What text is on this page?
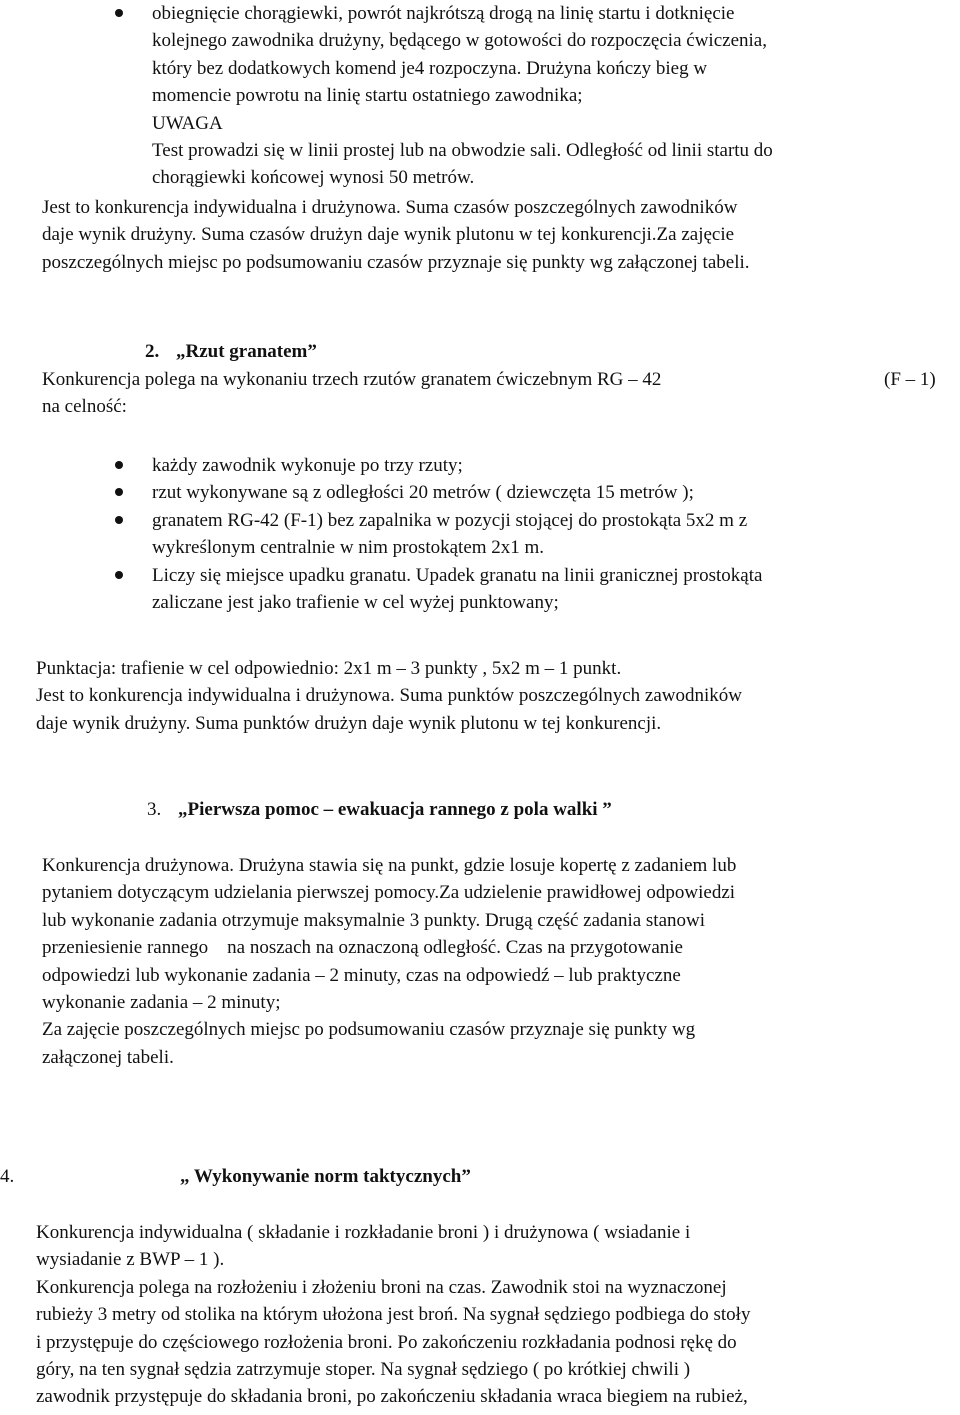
obiegnięcie chorągiewki, powrót najkrótszą drogą na linię startu i dotknięcie
kolejnego zawodnika drużyny, będącego w gotowości do rozpoczęcia ćwiczenia,
który bez dodatkowych komend je4 rozpoczyna. Drużyna kończy bieg w
momencie powrotu na linię startu ostatniego zawodnika;
UWAGA
Test prowadzi się w linii prostej lub na obwodzie sali. Odległość od linii startu do
chorągiewki końcowej wynosi 50 metrów.
Jest to konkurencja indywidualna i drużynowa. Suma czasów poszczególnych zawodników
daje wynik drużyny. Suma czasów drużyn daje wynik plutonu w tej konkurencji.Za zajęcie
poszczególnych miejsc po podsumowaniu czasów przyznaje się punkty wg załączonej tabeli.
2. „Rzut granatem”
Konkurencja polega na wykonaniu trzech rzutów granatem ćwiczebnym RG – 42
na celność:
(F – 1)
każdy zawodnik wykonuje po trzy rzuty;
rzut wykonywane są z odległości 20 metrów ( dziewczęta 15 metrów );
granatem RG-42 (F-1) bez zapalnika w pozycji stojącej do prostokąta 5x2 m z
wykreślonym centralnie w nim prostokątem 2x1 m.
Liczy się miejsce upadku granatu. Upadek granatu na linii granicznej prostokąta
zaliczane jest jako trafienie w cel wyżej punktowany;
Punktacja: trafienie w cel odpowiednio: 2x1 m – 3 punkty , 5x2 m – 1 punkt.
Jest to konkurencja indywidualna i drużynowa. Suma punktów poszczególnych zawodników
daje wynik drużyny. Suma punktów drużyn daje wynik plutonu w tej konkurencji.
3. „Pierwsza pomoc – ewakuacja rannego z pola walki ”
Konkurencja drużynowa. Drużyna stawia się na punkt, gdzie losuje kopertę z zadaniem lub
pytaniem dotyczącym udzielania pierwszej pomocy.Za udzielenie prawidłowej odpowiedzi
lub wykonanie zadania otrzymuje maksymalnie 3 punkty. Drugą część zadania stanowi
przeniesienie rannego    na noszach na oznaczoną odległość. Czas na przygotowanie
odpowiedzi lub wykonanie zadania – 2 minuty, czas na odpowiedź – lub praktyczne
wykonanie zadania – 2 minuty;
Za zajęcie poszczególnych miejsc po podsumowaniu czasów przyznaje się punkty wg
załączonej tabeli.
4.	„ Wykonywanie norm taktycznych”
Konkurencja indywidualna ( składanie i rozkładanie broni ) i drużynowa ( wsiadanie i
wysiadanie z BWP – 1 ).
Konkurencja polega na rozłożeniu i złożeniu broni na czas. Zawodnik stoi na wyznaczonej
rubieży 3 metry od stolika na którym ułożona jest broń. Na sygnał sędziego podbiega do stoły
i przystępuje do częściowego rozłożenia broni. Po zakończeniu rozkładania podnosi rękę do
góry, na ten sygnał sędzia zatrzymuje stoper. Na sygnał sędziego ( po krótkiej chwili )
zawodnik przystępuje do składania broni, po zakończeniu składania wraca biegiem na rubież,
